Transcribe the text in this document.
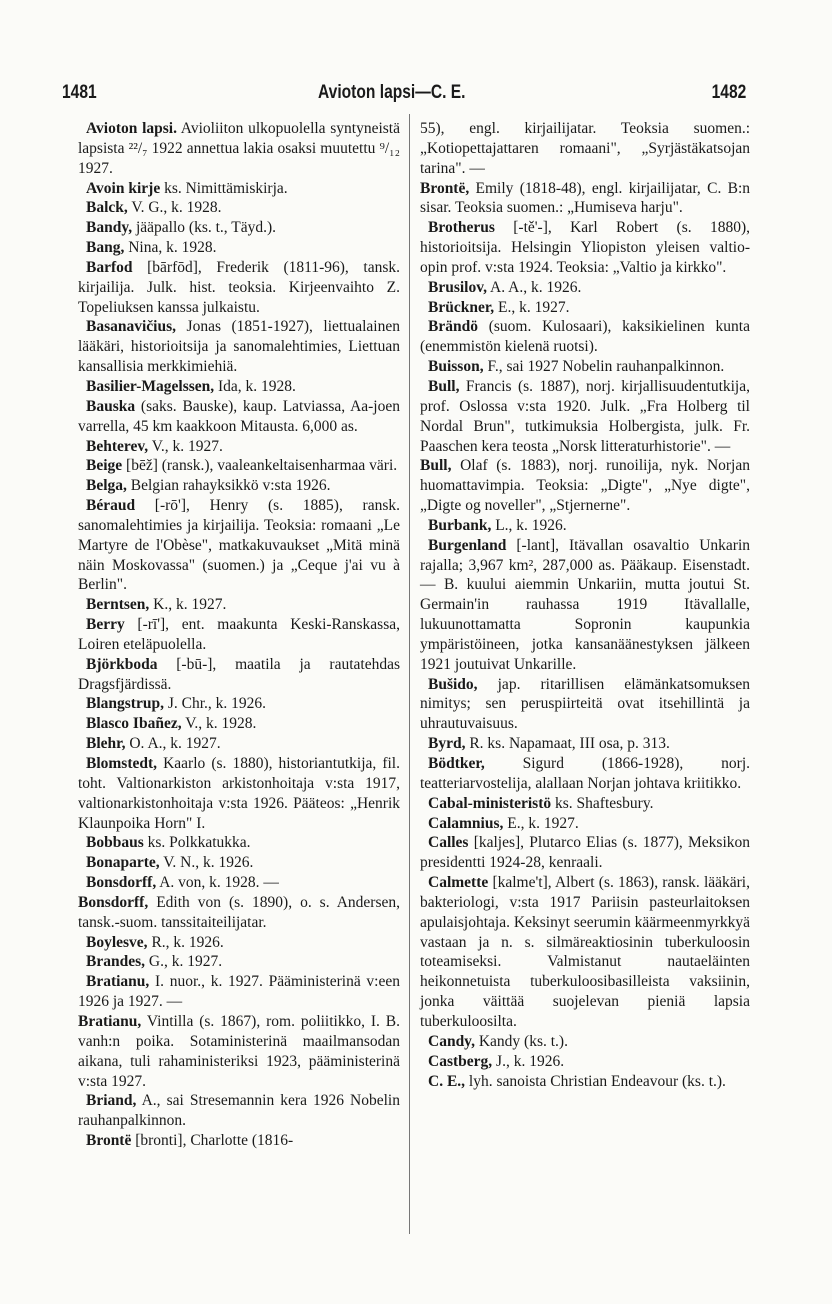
1481	Avioton lapsi—C. E.	1482

Avioton lapsi. Avioliiton ulkopuolella syntyneistä lapsista ²²/₇ 1922 annettua lakia osaksi muutettu ⁹/₁₂ 1927.

Avoin kirje ks. Nimittämiskirja.

Balck, V. G., k. 1928.

Bandy, jääpallo (ks. t., Täyd.).

Bang, Nina, k. 1928.

Barfod [bārfōd], Frederik (1811-96), tansk. kirjailija. Julk. hist. teoksia. Kirjeenvaihto Z. Topeliuksen kanssa julkaistu.

Basanavičius, Jonas (1851-1927), liettualainen lääkäri, historioitsija ja sanomalehtimies, Liettuan kansallisia merkkimiehiä.

Basilier-Magelssen, Ida, k. 1928.

Bauska (saks. Bauske), kaup. Latviassa, Aa-joen varrella, 45 km kaakkoon Mitausta. 6,000 as.

Behterev, V., k. 1927.

Beige [bēž] (ransk.), vaaleankeltaisenharmaa väri.

Belga, Belgian rahayksikkö v:sta 1926.

Béraud [-rō'], Henry (s. 1885), ransk. sanomalehtimies ja kirjailija. Teoksia: romaani „Le Martyre de l'Obèse", matkakuvaukset „Mitä minä näin Moskovassa" (suomen.) ja „Ceque j'ai vu à Berlin".

Berntsen, K., k. 1927.

Berry [-rī'], ent. maakunta Keski-Ranskassa, Loiren eteläpuolella.

Björkboda [-bū-], maatila ja rautatehdas Dragsfjärdissä.

Blangstrup, J. Chr., k. 1926.

Blasco Ibañez, V., k. 1928.

Blehr, O. A., k. 1927.

Blomstedt, Kaarlo (s. 1880), historiantutkija, fil. toht. Valtionarkiston arkistonhoitaja v:sta 1917, valtionarkistonhoitaja v:sta 1926. Pääteos: „Henrik Klaunpoika Horn" I.

Bobbaus ks. Polkkatukka.

Bonaparte, V. N., k. 1926.

Bonsdorff, A. von, k. 1928. —

Bonsdorff, Edith von (s. 1890), o. s. Andersen, tansk.-suom. tanssitaiteilijatar.

Boylesve, R., k. 1926.

Brandes, G., k. 1927.

Bratianu, I. nuor., k. 1927. Pääministerinä v:een 1926 ja 1927. —

Bratianu, Vintilla (s. 1867), rom. poliitikko, I. B. vanh:n poika. Sotaministerinä maailmansodan aikana, tuli rahaministeriksi 1923, pääministerinä v:sta 1927.

Briand, A., sai Stresemannin kera 1926 Nobelin rauhanpalkinnon.

Brontë [bronti], Charlotte (1816-

55), engl. kirjailijatar. Teoksia suomen.: „Kotiopettajattaren romaani", „Syrjästäkatsojan tarina". —

Brontë, Emily (1818-48), engl. kirjailijatar, C. B:n sisar. Teoksia suomen.: „Humiseva harju".

Brotherus [-tě'-], Karl Robert (s. 1880), historioitsija. Helsingin Yliopiston yleisen valtio-opin prof. v:sta 1924. Teoksia: „Valtio ja kirkko".

Brusilov, A. A., k. 1926.

Brückner, E., k. 1927.

Brändö (suom. Kulosaari), kaksikielinen kunta (enemmistön kielenä ruotsi).

Buisson, F., sai 1927 Nobelin rauhanpalkinnon.

Bull, Francis (s. 1887), norj. kirjallisuudentutkija, prof. Oslossa v:sta 1920. Julk. „Fra Holberg til Nordal Brun", tutkimuksia Holbergista, julk. Fr. Paaschen kera teosta „Norsk litteraturhistorie". —

Bull, Olaf (s. 1883), norj. runoilija, nyk. Norjan huomattavimpia. Teoksia: „Digte", „Nye digte", „Digte og noveller", „Stjernerne".

Burbank, L., k. 1926.

Burgenland [-lant], Itävallan osavaltio Unkarin rajalla; 3,967 km², 287,000 as. Pääkaup. Eisenstadt. — B. kuului aiemmin Unkariin, mutta joutui St. Germain'in rauhassa 1919 Itävallalle, lukuunottamatta Sopronin kaupunkia ympäristöineen, jotka kansanäänestyksen jälkeen 1921 joutuivat Unkarille.

Bušido, jap. ritarillisen elämänkatsomuksen nimitys; sen peruspiirteitä ovat itsehillintä ja uhrautuvaisuus.

Byrd, R. ks. Napamaat, III osa, p. 313.

Bödtker, Sigurd (1866-1928), norj. teatteriarvostelija, alallaan Norjan johtava kriitikko.

Cabal-ministeristö ks. Shaftesbury.

Calamnius, E., k. 1927.

Calles [kaljes], Plutarco Elias (s. 1877), Meksikon presidentti 1924-28, kenraali.

Calmette [kalme't], Albert (s. 1863), ransk. lääkäri, bakteriologi, v:sta 1917 Pariisin pasteurlaitoksen apulaisjohtaja. Keksinyt seerumin käärmeenmyrkkyä vastaan ja n. s. silmäreaktiosinin tuberkuloosin toteamiseksi. Valmistanut nautaeläinten heikonnetuista tuberkuloosibasilleista vaksiinin, jonka väittää suojelevan pieniä lapsia tuberkuloosilta.

Candy, Kandy (ks. t.).

Castberg, J., k. 1926.

C. E., lyh. sanoista Christian Endeavour (ks. t.).
